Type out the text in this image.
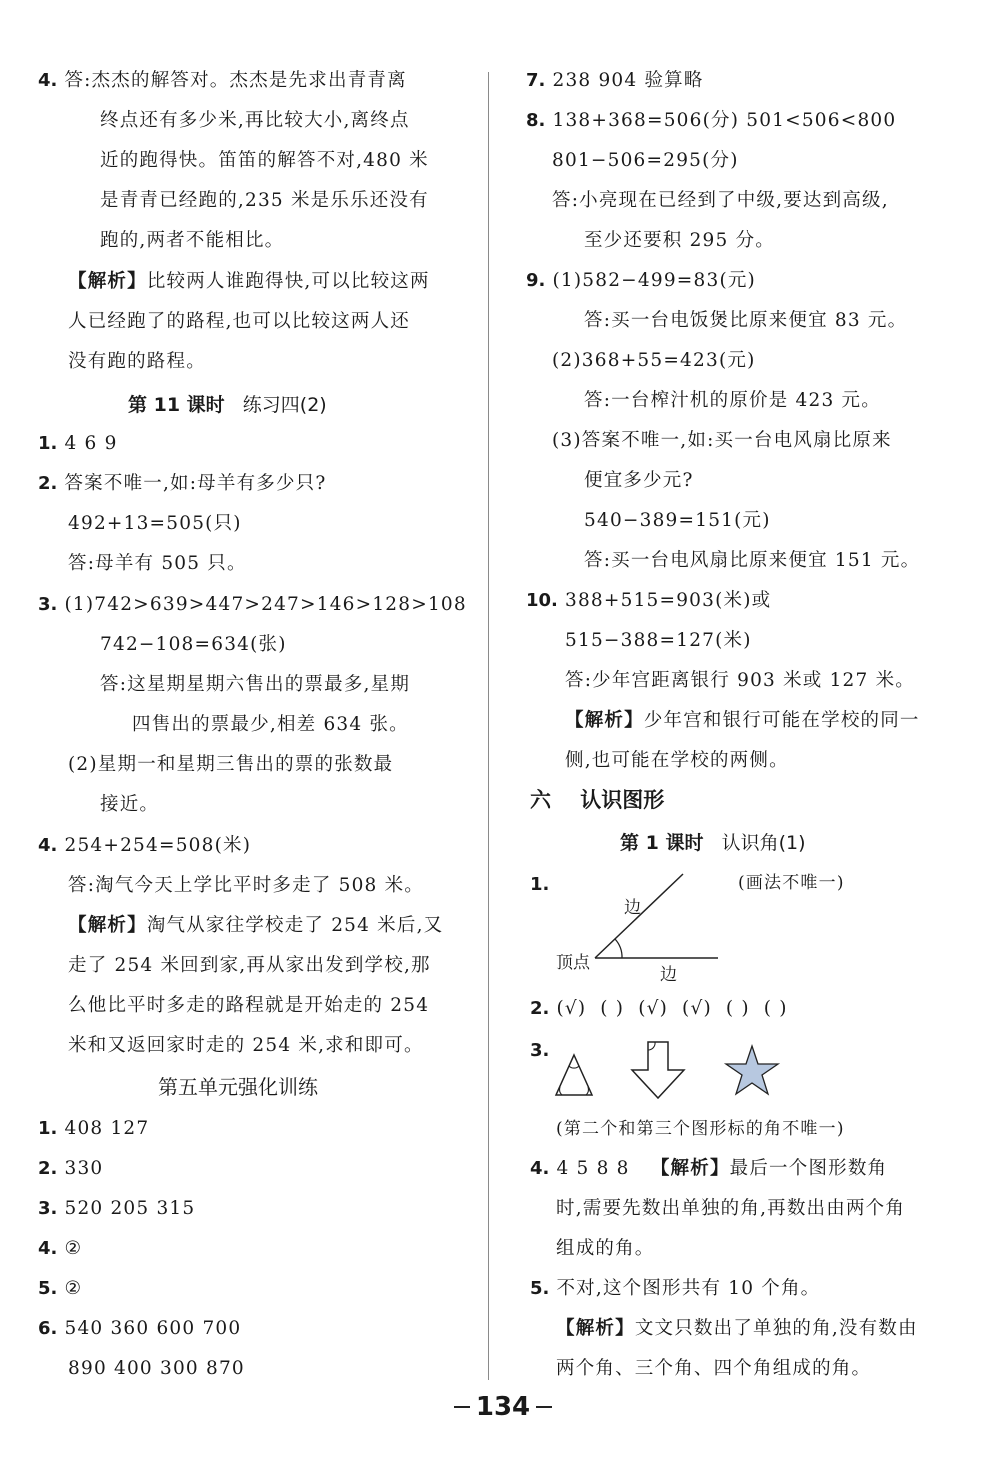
4. 答:杰杰的解答对。杰杰是先求出青青离
终点还有多少米,再比较大小,离终点
近的跑得快。笛笛的解答不对,480 米
是青青已经跑的,235 米是乐乐还没有
跑的,两者不能相比。
【解析】比较两人谁跑得快,可以比较这两
人已经跑了的路程,也可以比较这两人还
没有跑的路程。
第 11 课时 练习四(2)
1. 4 6 9
2. 答案不唯一,如:母羊有多少只?
492+13=505(只)
答:母羊有 505 只。
3. (1)742>639>447>247>146>128>108
742−108=634(张)
答:这星期星期六售出的票最多,星期
四售出的票最少,相差 634 张。
(2)星期一和星期三售出的票的张数最
接近。
4. 254+254=508(米)
答:淘气今天上学比平时多走了 508 米。
【解析】淘气从家往学校走了 254 米后,又
走了 254 米回到家,再从家出发到学校,那
么他比平时多走的路程就是开始走的 254
米和又返回家时走的 254 米,求和即可。
第五单元强化训练
1. 408 127
2. 330
3. 520 205 315
4. ②
5. ②
6. 540 360 600 700
890 400 300 870
7. 238 904 验算略
8. 138+368=506(分) 501<506<800
801−506=295(分)
答:小亮现在已经到了中级,要达到高级,
至少还要积 295 分。
9. (1)582−499=83(元)
答:买一台电饭煲比原来便宜 83 元。
(2)368+55=423(元)
答:一台榨汁机的原价是 423 元。
(3)答案不唯一,如:买一台电风扇比原来
便宜多少元?
540−389=151(元)
答:买一台电风扇比原来便宜 151 元。
10. 388+515=903(米)或
515−388=127(米)
答:少年宫距离银行 903 米或 127 米。
【解析】少年宫和银行可能在学校的同一
侧,也可能在学校的两侧。
六 认识图形
第 1 课时 认识角(1)
1.	(画法不唯一)
顶点
边
边
2. (√) ( ) (√) (√) ( ) ( )
3.
(第二个和第三个图形标的角不唯一)
4. 4 5 8 8 【解析】最后一个图形数角
时,需要先数出单独的角,再数出由两个角
组成的角。
5. 不对,这个图形共有 10 个角。
【解析】文文只数出了单独的角,没有数由
两个角、三个角、四个角组成的角。
134
